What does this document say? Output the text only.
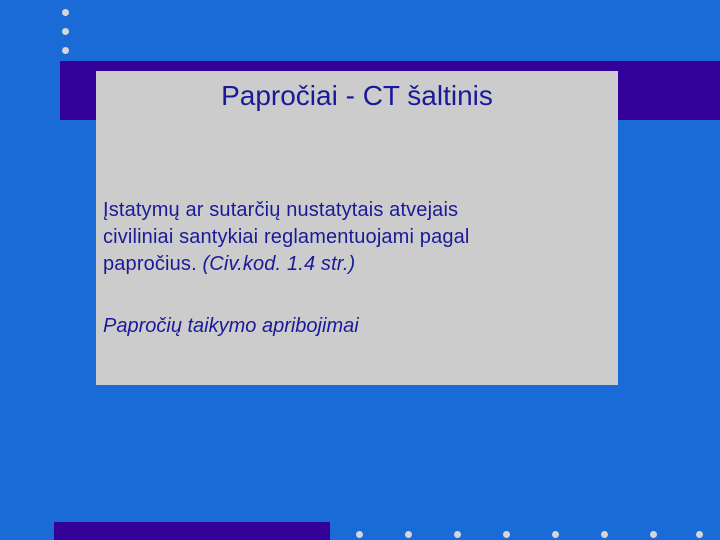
Papročiai - CT šaltinis
Įstatymų ar sutarčių nustatytais atvejais
civiliniai santykiai reglamentuojami pagal
papročius. (Civ.kod. 1.4 str.)
Papročių taikymo apribojimai
